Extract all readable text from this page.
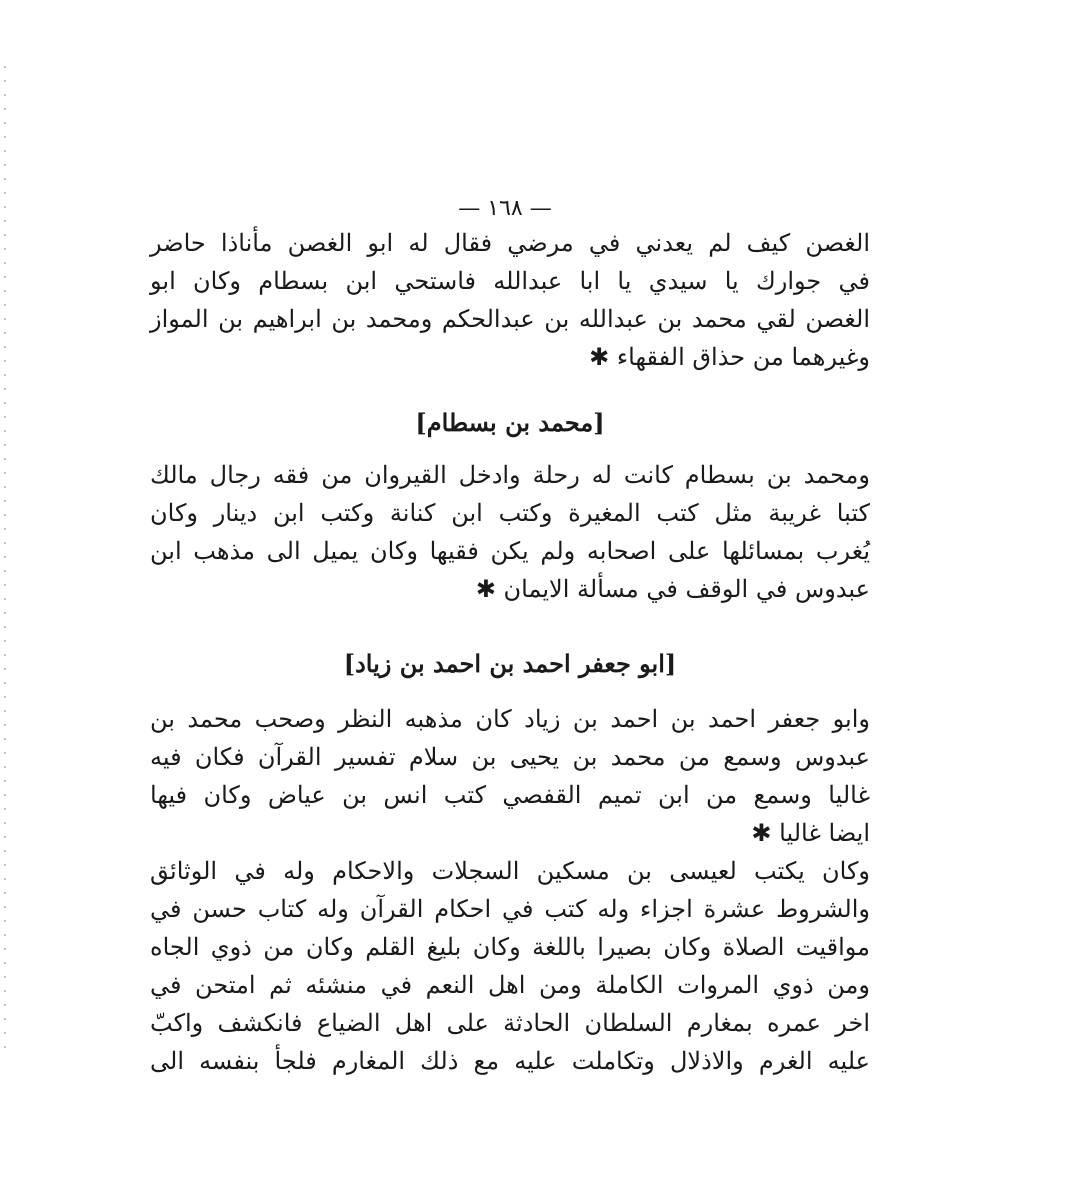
— ١٦٨ —
الغصن كيف لم يعدني في مرضي فقال له ابو الغصن مأناذا حاضر
في جوارك يا سيدي يا ابا عبدالله فاستحي ابن بسطام وكان ابو
الغصن لقي محمد بن عبدالله بن عبدالحكم ومحمد بن ابراهيم بن المواز
وغيرهما من حذاق الفقهاء ✱
[محمد بن بسطام]
ومحمد بن بسطام كانت له رحلة وادخل القيروان من فقه رجال مالك
كتبا غريبة مثل كتب المغيرة وكتب ابن كنانة وكتب ابن دينار وكان
يُغرب بمسائلها على اصحابه ولم يكن فقيها وكان يميل الى مذهب ابن
عبدوس في الوقف في مسألة الايمان ✱
[ابو جعفر احمد بن احمد بن زياد]
وابو جعفر احمد بن احمد بن زياد كان مذهبه النظر وصحب محمد بن
عبدوس وسمع من محمد بن يحيى بن سلام تفسير القرآن فكان فيه
غاليا وسمع من ابن تميم القفصي كتب انس بن عياض وكان فيها
ايضا غاليا ✱
وكان يكتب لعيسى بن مسكين السجلات والاحكام وله في الوثائق
والشروط عشرة اجزاء وله كتب في احكام القرآن وله كتاب حسن في
مواقيت الصلاة وكان بصيرا باللغة وكان بليغ القلم وكان من ذوي الجاه
ومن ذوي المروات الكاملة ومن اهل النعم في منشئه ثم امتحن في
اخر عمره بمغارم السلطان الحادثة على اهل الضياع فانكشف واكبّ
عليه الغرم والاذلال وتكاملت عليه مع ذلك المغارم فلجأ بنفسه الى
